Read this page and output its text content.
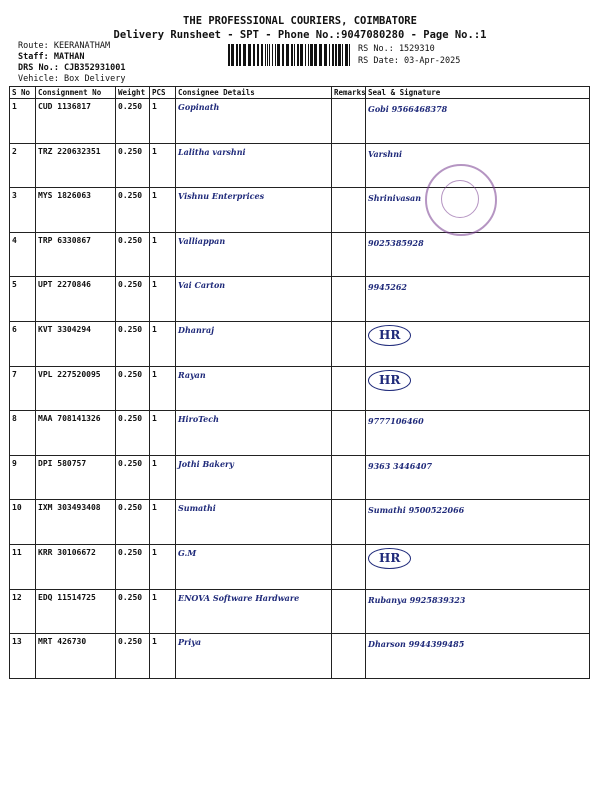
THE PROFESSIONAL COURIERS, COIMBATORE
Delivery Runsheet - SPT - Phone No.:9047080280 - Page No.:1
Route: KEERANATHAM
Staff: MATHAN
DRS No.: CJB352931001
Vehicle: Box Delivery
RS No.: 1529310
RS Date: 03-Apr-2025
S No	Consignment No	Weight	PCS	Consignee Details	Remarks	Seal & Signature
1	CUD 1136817	0.250	1	Gopinath		Gobi 9566468378
2	TRZ 220632351	0.250	1	Lalitha varshni		Varshni
3	MYS 1826063	0.250	1	Vishnu Enterprices		Shrinivasan
4	TRP 6330867	0.250	1	Valliappan		9025385928
5	UPT 2270846	0.250	1	Vai Carton		9945262
6	KVT 3304294	0.250	1	Dhanraj		HR
7	VPL 227520095	0.250	1	Rayan		HR
8	MAA 708141326	0.250	1	HiroTech		9777106460
9	DPI 580757	0.250	1	Jothi Bakery		9363 3446407
10	IXM 303493408	0.250	1	Sumathi		Sumathi 9500522066
11	KRR 30106672	0.250	1	G.M		HR
12	EDQ 11514725	0.250	1	ENOVA Software Hardware		Rubanya 9925839323
13	MRT 426730	0.250	1	Priya		Dharson 9944399485
